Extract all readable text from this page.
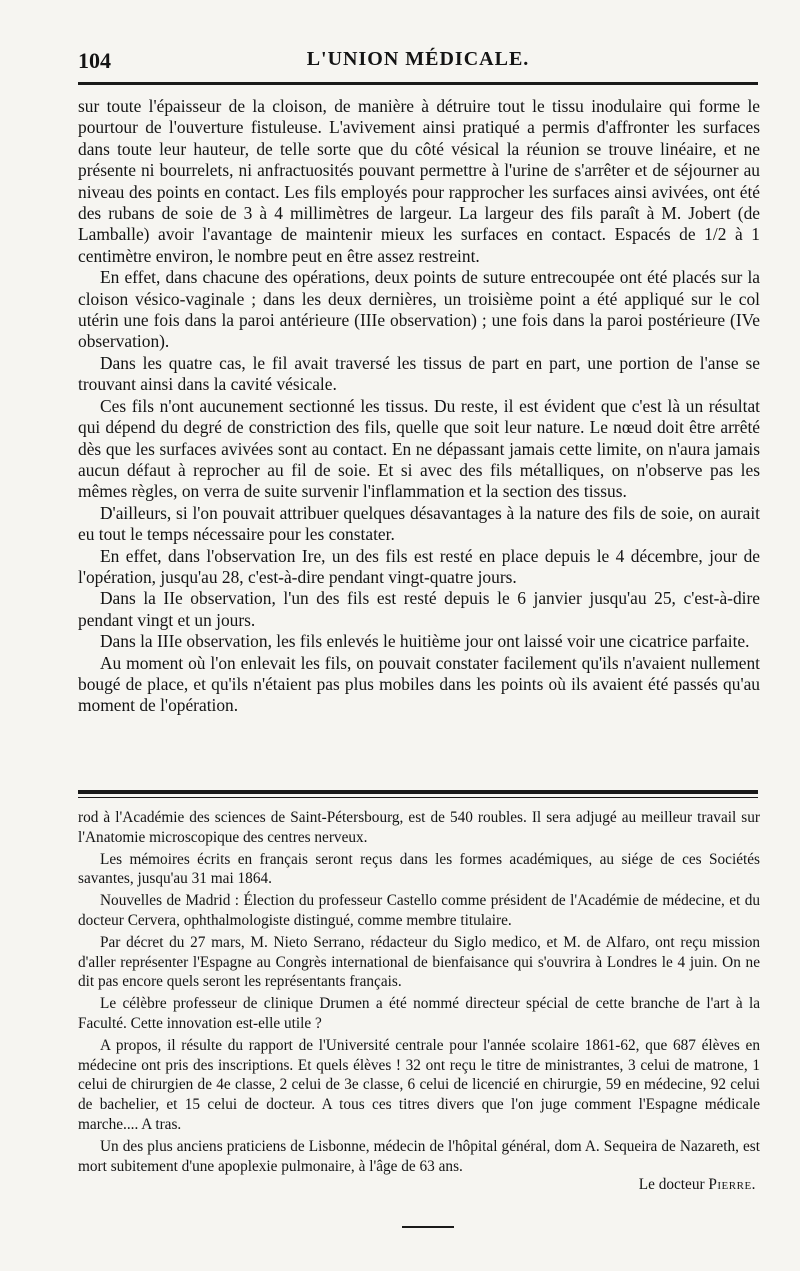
104	L'UNION MÉDICALE.

sur toute l'épaisseur de la cloison, de manière à détruire tout le tissu inodulaire qui forme le pourtour de l'ouverture fistuleuse. L'avivement ainsi pratiqué a permis d'affronter les surfaces dans toute leur hauteur, de telle sorte que du côté vésical la réunion se trouve linéaire, et ne présente ni bourrelets, ni anfractuosités pouvant permettre à l'urine de s'arrêter et de séjourner au niveau des points en contact. Les fils employés pour rapprocher les surfaces ainsi avivées, ont été des rubans de soie de 3 à 4 millimètres de largeur. La largeur des fils paraît à M. Jobert (de Lamballe) avoir l'avantage de maintenir mieux les surfaces en contact. Espacés de 1/2 à 1 centimètre environ, le nombre peut en être assez restreint.

En effet, dans chacune des opérations, deux points de suture entrecoupée ont été placés sur la cloison vésico-vaginale ; dans les deux dernières, un troisième point a été appliqué sur le col utérin une fois dans la paroi antérieure (IIIe observation) ; une fois dans la paroi postérieure (IVe observation).

Dans les quatre cas, le fil avait traversé les tissus de part en part, une portion de l'anse se trouvant ainsi dans la cavité vésicale.

Ces fils n'ont aucunement sectionné les tissus. Du reste, il est évident que c'est là un résultat qui dépend du degré de constriction des fils, quelle que soit leur nature. Le nœud doit être arrêté dès que les surfaces avivées sont au contact. En ne dépassant jamais cette limite, on n'aura jamais aucun défaut à reprocher au fil de soie. Et si avec des fils métalliques, on n'observe pas les mêmes règles, on verra de suite survenir l'inflammation et la section des tissus.

D'ailleurs, si l'on pouvait attribuer quelques désavantages à la nature des fils de soie, on aurait eu tout le temps nécessaire pour les constater.

En effet, dans l'observation Ire, un des fils est resté en place depuis le 4 décembre, jour de l'opération, jusqu'au 28, c'est-à-dire pendant vingt-quatre jours.

Dans la IIe observation, l'un des fils est resté depuis le 6 janvier jusqu'au 25, c'est-à-dire pendant vingt et un jours.

Dans la IIIe observation, les fils enlevés le huitième jour ont laissé voir une cicatrice parfaite.

Au moment où l'on enlevait les fils, on pouvait constater facilement qu'ils n'avaient nullement bougé de place, et qu'ils n'étaient pas plus mobiles dans les points où ils avaient été passés qu'au moment de l'opération.

rod à l'Académie des sciences de Saint-Pétersbourg, est de 540 roubles. Il sera adjugé au meilleur travail sur l'Anatomie microscopique des centres nerveux.

Les mémoires écrits en français seront reçus dans les formes académiques, au siége de ces Sociétés savantes, jusqu'au 31 mai 1864.

Nouvelles de Madrid : Élection du professeur Castello comme président de l'Académie de médecine, et du docteur Cervera, ophthalmologiste distingué, comme membre titulaire.

Par décret du 27 mars, M. Nieto Serrano, rédacteur du Siglo medico, et M. de Alfaro, ont reçu mission d'aller représenter l'Espagne au Congrès international de bienfaisance qui s'ouvrira à Londres le 4 juin. On ne dit pas encore quels seront les représentants français.

Le célèbre professeur de clinique Drumen a été nommé directeur spécial de cette branche de l'art à la Faculté. Cette innovation est-elle utile ?

A propos, il résulte du rapport de l'Université centrale pour l'année scolaire 1861-62, que 687 élèves en médecine ont pris des inscriptions. Et quels élèves ! 32 ont reçu le titre de ministrantes, 3 celui de matrone, 1 celui de chirurgien de 4e classe, 2 celui de 3e classe, 6 celui de licencié en chirurgie, 59 en médecine, 92 celui de bachelier, et 15 celui de docteur. A tous ces titres divers que l'on juge comment l'Espagne médicale marche.... A tras.

Un des plus anciens praticiens de Lisbonne, médecin de l'hôpital général, dom A. Sequeira de Nazareth, est mort subitement d'une apoplexie pulmonaire, à l'âge de 63 ans.

Le docteur Pierre.
